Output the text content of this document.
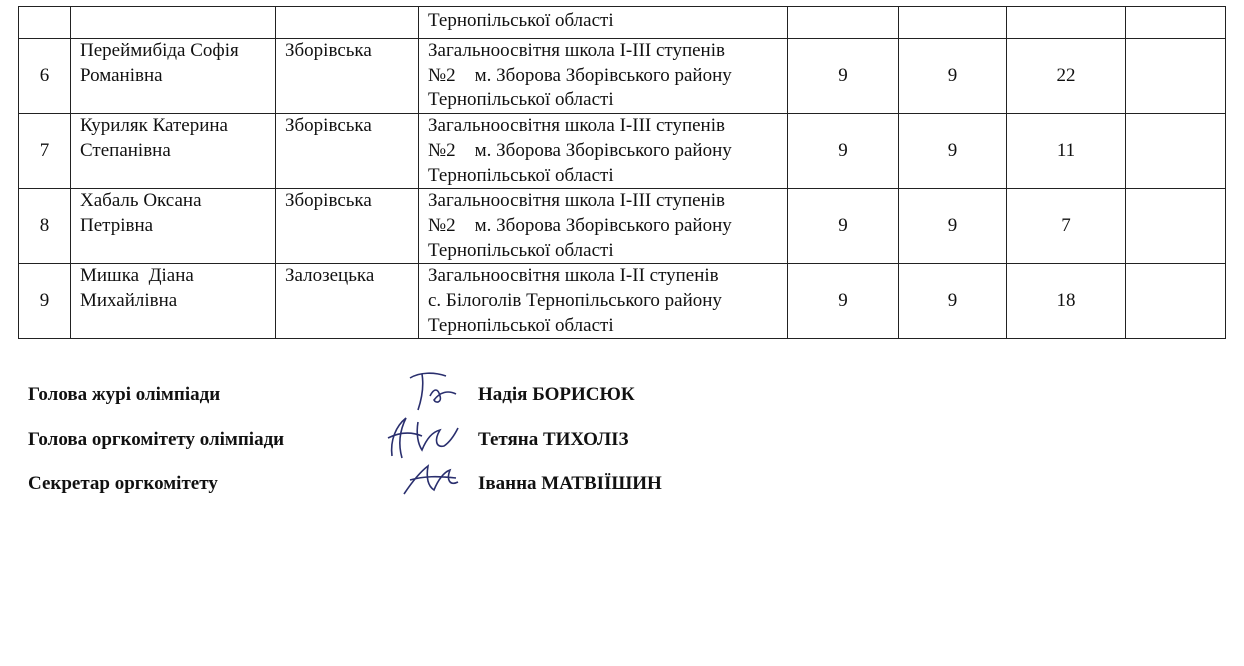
			Тернопільської області				

6	Переймибіда Софія
Романівна	Зборівська	Загальноосвітня школа І-ІІІ ступенів
№2    м. Зборова Зборівського району
Тернопільської області	9	9	22	
7	Куриляк Катерина
Степанівна	Зборівська	Загальноосвітня школа І-ІІІ ступенів
№2    м. Зборова Зборівського району
Тернопільської області	9	9	11	
8	Хабаль Оксана
Петрівна	Зборівська	Загальноосвітня школа І-ІІІ ступенів
№2    м. Зборова Зборівського району
Тернопільської області	9	9	7	
9	Мишка  Діана
Михайлівна	Залозецька	Загальноосвітня школа І-ІІ ступенів
с. Білоголів Тернопільського району
Тернопільської області	9	9	18	
Голова журі олімпіади	Надія БОРИСЮК
Голова оргкомітету олімпіади	Тетяна ТИХОЛІЗ
Секретар оргкомітету	Іванна МАТВІЇШИН
